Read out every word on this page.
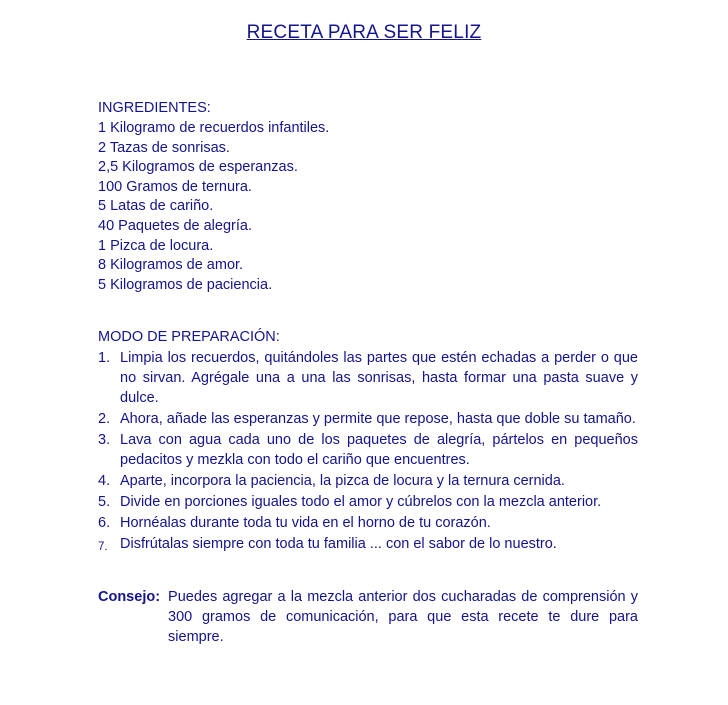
RECETA PARA SER FELIZ
INGREDIENTES:
1 Kilogramo de recuerdos infantiles.
2 Tazas de sonrisas.
2,5 Kilogramos de esperanzas.
100 Gramos de ternura.
5 Latas de cariño.
40 Paquetes de alegría.
1 Pizca de locura.
8 Kilogramos de amor.
5 Kilogramos de paciencia.
MODO DE PREPARACIÓN:
1. Limpia los recuerdos, quitándoles las partes que estén echadas a perder o que no sirvan. Agrégale una a una las sonrisas, hasta formar una pasta suave y dulce.
2. Ahora, añade las esperanzas y permite que repose, hasta que doble su tamaño.
3. Lava con agua cada uno de los paquetes de alegría, pártelos en pequeños pedacitos y mezkla con todo el cariño que encuentres.
4. Aparte, incorpora la paciencia, la pizca de locura y la ternura cernida.
5. Divide en porciones iguales todo el amor y cúbrelos con la mezcla anterior.
6. Hornéalas durante toda tu vida en el horno de tu corazón.
7. Disfrútalas siempre con toda tu familia ... con el sabor de lo nuestro.
Consejo: Puedes agregar a la mezcla anterior dos cucharadas de comprensión y 300 gramos de comunicación, para que esta recete te dure para siempre.
